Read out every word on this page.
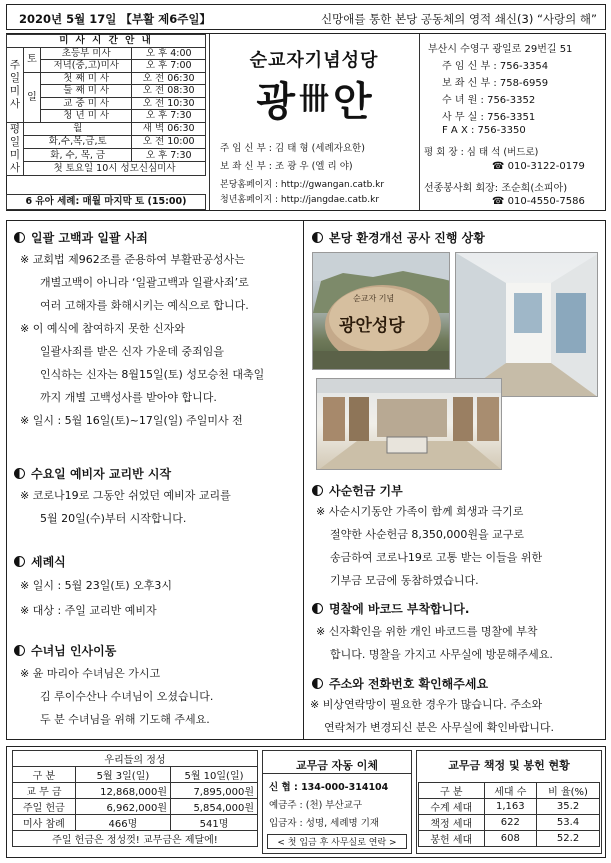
2020년 5월 17일 【부활 제6주일】	신망애를 통한 본당 공동체의 영적 쇄신(3) “사랑의 해”
미 사 시 간 안 내			
주
일
미
사	토	초등부 미사	오 후 4:00
		저녁(중,고)미사	오 후 7:00
	일	첫 째 미 사	오 전 06:30
		둘 째 미 사	오 전 08:30
		교 중 미 사	오 전 10:30
		청 년 미 사	오 후 7:30
평
일
미
사	월		새 벽 06:30
	화,수,목,금,토		오 전 10:00
	화, 수, 목, 금		오 후 7:30
	첫 토요일 10시 성모신심미사		
6 유아 세례: 매월 마지막 토 (15:00)
순교자기념성당
광 卌 안
주 임 신 부 : 김 태 형 (세례자요한)
보 좌 신 부 : 조 광 우 (엘 리 야)
본당홈페이지 : http://gwangan.catb.kr
청년홈페이지 : http://jangdae.catb.kr
부산시 수영구 광일로 29번길 51
주 임 신 부 : 756-3354
보 좌 신 부 : 758-6959
수 녀 원 : 756-3352
사 무 실 : 756-3351
F A X : 756-3350
평 회 장 : 심 태 석 (버드로)
☎ 010-3122-0179
선종봉사회 회장: 조순희(소피아)
☎ 010-4550-7586
일괄 고백과 일괄 사죄
※ 교회법 제962조를 준용하여 부활판공성사는
개별고백이 아니라 ‘일괄고백과 일괄사죄’로
여러 고해자를 화해시키는 예식으로 합니다.
※ 이 예식에 참여하지 못한 신자와
일괄사죄를 받은 신자 가운데 중죄임을
인식하는 신자는 8월15일(토) 성모승천 대축일
까지 개별 고백성사를 받아야 합니다.
※ 일시 : 5월 16일(토)~17일(일) 주일미사 전
수요일 예비자 교리반 시작
※ 코로나19로 그동안 쉬었던 예비자 교리를
5월 20일(수)부터 시작합니다.
세례식
※ 일시 : 5월 23일(토) 오후3시
※ 대상 : 주일 교리반 예비자
수녀님 인사이동
※ 윤 마리아 수녀님은 가시고
김 루이수산나 수녀님이 오셨습니다.
두 분 수녀님을 위해 기도해 주세요.
본당 환경개선 공사 진행 상황
순교자 기념
광안성당
사순헌금 기부
※ 사순시기동안 가족이 함께 희생과 극기로
절약한 사순헌금 8,350,000원을 교구로
송금하여 코로나19로 고통 받는 이들을 위한
기부금 모금에 동참하였습니다.
명찰에 바코드 부착합니다.
※ 신자확인을 위한 개인 바코드를 명찰에 부착
합니다. 명찰을 가지고 사무실에 방문해주세요.
주소와 전화번호 확인해주세요
※ 비상연락망이 필요한 경우가 많습니다. 주소와
연락처가 변경되신 분은 사무실에 확인바랍니다.
우리들의 정성		
구 분	5월 3일(일)	5월 10일(일)
교 무 금	12,868,000원	7,895,000원
주일 헌금	6,962,000원	5,854,000원
미사 참례	466명	541명
주일 헌금은 정성껏! 교무금은 제달에!		
교무금 자동 이체
신 협 : 134-000-314104
예금주 : (천) 부산교구
입금자 : 성명, 세례명 기재
< 첫 입금 후 사무실로 연락 >
교무금 책정 및 봉헌 현황
구 분	세대 수	비 율(%)
수계 세대	1,163	35.2
책정 세대	622	53.4
봉헌 세대	608	52.2
